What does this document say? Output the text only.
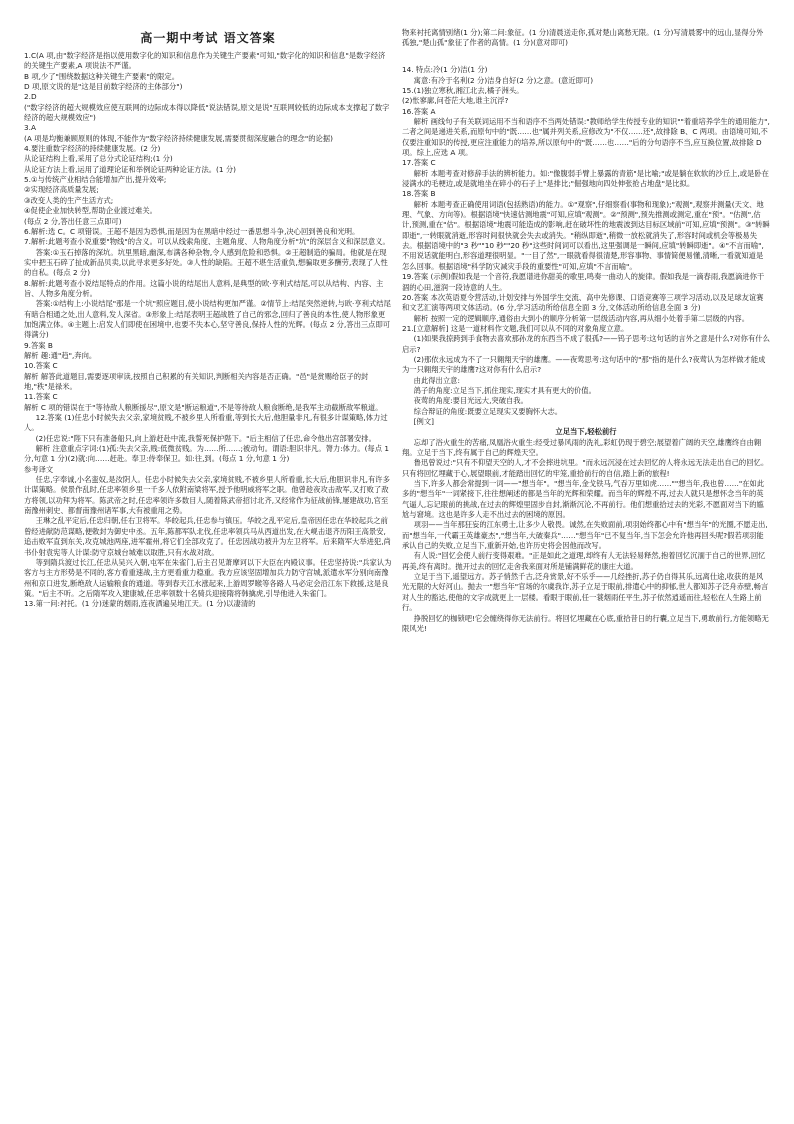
高一期中考试 语文答案

1.C(A 项,由"数字经济是指以使用数字化的知识和信息作为关键生产要素"可知,"数字化的知识和信息"是数字经济的关键生产要素,A 项说法不严谨。

B 项,少了"围绕数据这种关键生产要素"的限定。

D 项,原文说的是"这是目前数字经济的主体部分")

2.D

("数字经济的超大规模效应使互联网的边际成本得以降低"说法错误,原文是说"互联网较低的边际成本支撑起了数字经济的超大规模效应")

3.A

(A 项是均衡兼顾原则的体现,不能作为"数字经济持续健康发展,需要贯彻深度融合的理念"的论据)

4.要注重数字经济的持续健康发展。(2 分)

从论证结构上看,采用了总分式论证结构;(1 分)

从论证方法上看,运用了道理论证和举例论证两种论证方法。(1 分)

5.①与传统产业相结合能增加产出,提升效率;

②实现经济高质量发展;

③改变人类的生产生活方式;

④促使企业加快转型,帮助企业渡过难关。

(每点 2 分,答出任意三点即可)

6.解析:选 C。C 项错误。王超不是因为恐惧,而是因为在黑暗中经过一番思想斗争,决心回到善良和光明。

7.解析:此题考查小说重要"物线"的含义。可以从线索角度、主题角度、人物角度分析"坑"的深层含义和深层意义。

答案:①玉石掉落的深坑。坑里黑暗,幽深,布满各种杂物,令人感到危险和恐惧。②王超制造的骗局。他就是在现实中把玉石碎了扯成新品贝卖,以此寻求更多好处。③人性的缺陷。王超不堪生活重负,想骗取更多酬劳,表现了人性的自私。(每点 2 分)

8.解析:此题考查小说结尾特点的作用。这篇小说的结尾出人意料,是典型的欧·亨利式结尾,可以从结构、内容、主旨、人物多角度分析。

答案:①结构上:小说结尾"那是一个坑"照应题目,使小说结构更加严谨。②情节上:结尾突然逆转,与欧·亨利式结尾有暗合相通之处,出人意料,发人深省。③形象上:结尾表明王超战胜了自己的邪念,回归了善良的本性,使人物形象更加饱满立体。④主题上:启发人们即使在困境中,也要不失本心,坚守善良,保持人性的光辉。(每点 2 分,答出三点即可得满分)

9.答案 B

解析 趣:通"趋",奔向。

10.答案 C

解析 解答此道题目,需要逐项审读,按照自己积累的有关知识,判断相关内容是否正确。"邑"是赏赐给臣子的封地,"秩"是禄米。

11.答案 C

解析 C 项的错误在于"等待敌人粮断援尽",原文是"断运粮道",不是等待敌人粮食断绝,是我军主动截断敌军粮道。

12.答案 (1)任忠小时候失去父亲,家境贫贱,不被乡里人所看重,等到长大后,他胆量非凡,有很多计谋策略,体力过人。

(2)任忠说:"陛下只有准备船只,向上游赶赴中流,我誓死保护陛下。"后主相信了任忠,命令他出宫部署安排。

解析 注意重点字词:(1)孤:失去父亲,贱:低微贫贱。为……所……;被动句。谓语:胆识非凡。膂力:体力。(每点 1 分,句意 1 分)(2)就:向……赶赴。奉卫:侍奉保卫。如:往,到。(每点 1 分,句意 1 分)

参考译文

任忠,字奉诚,小名蛮奴,是汝阴人。任忠小时候失去父亲,家境贫贱,不被乡里人所看重,长大后,他胆识非凡,有许多计谋策略。侯景作乱时,任忠率领乡里一千多人依附南梁将军,授予他明威将军之职。他曾趁夜攻击敌军,又打败了敌方将领,以功拜为将军。陈武帝之时,任忠率领许多数目人,随着陈武帝招讨北齐,又经常作为征战前锋,屡建战功,官至南豫州刺史、都督南豫州诸军事,大有被重用之势。

王琳之乱平定后,任忠归朝,任右卫将军。华皎起兵,任忠参与镇压。华皎之乱平定后,皇帝因任忠在华皎起兵之前曾经进献防范谋略,便敕封为御史中丞。五年,陈都军队北伐,任忠率领兵马从西道出发,在大岘击退齐历阳王高景安,追击败军直到东关,攻克城池两座,进军霍州,将它们全部攻克了。任忠因战功被升为左卫将军。后来隋军大举进犯,尚书仆射袁宪等人计谋:防守京城台城难以取胜,只有水战对敌。

等到隋兵渡过长江,任忠从吴兴入朝,屯军在朱雀门,后主召见萧摩诃以下大臣在内殿议事。任忠坚持说:"兵家认为客方与主方形势是不同的,客方看重速战,主方更看重力稳重。我方应该坚固增加兵力防守宫城,派遣水军分别向南豫州和京口进发,断绝敌人运输粮食的通道。等到春天江水涨起来,上游周罗睺等各路人马必定会沿江东下救援,这是良策。"后主不听。之后隋军攻入建康城,任忠率领数十名骑兵迎接隋将韩擒虎,引导他进入朱雀门。

13.第一问:衬托。(1 分)迷蒙的烟雨,连夜洒遍吴地江天。(1 分)以凄清的

物来衬托离情别绪(1 分);第二问:象征。(1 分)清晨送走你,孤对楚山离愁无限。(1 分)写清晨雾中的远山,显得分外孤独,"楚山孤"象征了作者的高情。(1 分)(意对即可)

14. 特点:冷(1 分)洁(1 分)

寓意:有冷于名利(2 分)洁身自好(2 分)之意。(意近即可)

15.(1)独立寒秋,湘江北去,橘子洲头。

(2)怅寥廓,问苍茫大地,谁主沉浮?

16.答案 A

解析 画线句子有关联词运用不当和语序不当两处错误:"教师给学生传授专业的知识""着重培养学生的通用能力",二者之间是递进关系,而原句中的"既……也"属并列关系,应修改为"不仅……还",故排除 B、C 两项。由语境可知,不仅要注重知识的传授,更应注重能力的培养,所以原句中的"既……也……"后的分句语序不当,应互换位置,故排除 D 项。综上,应选 A 项。

17.答案 C

解析 本题考查对修辞手法的辨析能力。如:"像腹弱手臂上暴露的青筋"是比喻;"或是躺在软软的沙丘上,或是卧在浸满水的毛梗边,或是就地坐在碎小的石子上"是排比;"倔强地向四处伸张抢占地盘"是比拟。

18.答案 B

解析 本题考查正确使用词语(包括熟语)的能力。①"观察",仔细察看(事物和现象);"观测",观察并测量(天文、地理、气象、方向等)。根据语境"快速估测地震"可知,应填"观测"。②"预测",预先推测或测定,重在"预"。"估测",估计,预测,重在"估"。根据语境"地震可能造成的影响,赶在破坏性的地震波到达目标区域前"可知,应填"预测"。③"转瞬即逝",一转眼就消逝,形容时间很快就会失去或消失。"稍纵即逝",稍微一放松就消失了,形容时间或机会等极易失去。根据语境中的"3 秒""10 秒""20 秒"这些时间词可以看出,这里强调是一瞬间,应填"转瞬即逝"。④"不言而喻",不用说话就能明白,形容道理很明显。"一目了然",一眼就看得很清楚,形容事物、事情简便易懂,清晰,一看就知道是怎么回事。根据语境"科学防灾减灾手段的重要性"可知,应填"不言而喻"。

19.答案 (示例)假如我是一个音符,我愿谱进你甜美的歌里,鸣奏一曲动人的旋律。假如我是一滴春雨,我愿滴进你干涸的心田,滋润一段诗意的人生。

20.答案 本次英语夏令营活动,计划安排与外国学生交流、高中先修课、口语竞赛等三项学习活动,以及足球友谊赛和文艺汇演等两项文体活动。(6 分,学习活动所给信息全面 3 分,文体活动所给信息全面 3 分)

解析 按照一定的逻辑顺序,通俗由大到小的顺序分析第一层级活动内容,再从细小处着手第二层级的内容。

21.[立意解析] 这是一道材料作文题,我们可以从不同的对象角度立意。

(1)如果我掠跨到手食物去喜欢那孙龙的东西当不成了很孤?——钨子思考:这句话的言外之意是什么?对你有什么启示?

(2)那依永远成为不了一只翱翔天宇的雄鹰。——夜莺思考:这句话中的"那"指的是什么?夜莺认为怎样做才能成为一只翱翔天宇的雄鹰?这对你有什么启示?

由此得出立意:

鸽子的角度:立足当下,抓住现实,现实才具有更大的价值。

夜莺的角度:要目光远大,突破自我。

综合辩证的角度:既要立足现实又要胸怀大志。

[例文]

立足当下,轻松前行

忘却了浴火重生的苦痛,凤凰浴火重生:经受过暴风雨的洗礼,彩虹仍现于碧空;展望着广阔的天空,雄鹰终自由翱翔。立足于当下,终有属于自己的辉煌天空。

鲁迅曾说过:"只有不仰望天空的人,才不会摔进坑里。"而永远沉浸在过去回忆的人将永远无法走出自己的回忆。只有将回忆埋藏于心,展望眼前,才能踏出回忆的牢笼,重拾前行的自信,踏上新的旅程!

当下,许多人都会常提到一词——"想当年"。"想当年,金戈铁马,气吞万里如虎……""想当年,我也曾……"在如此多的"想当年"一词紧接下,往往想阐述的都是当年的光辉和荣耀。而当年的辉煌不再,过去人就只是想怀念当年的英气逼人,忘记眼前的挑战,在过去的辉煌里固步自封,渐渐沉沦,不再前行。他们想重拾过去的光彩,不愿面对当下的尴尬与窘境。这也是许多人走不出过去的困境的原因。

项羽——当年那狂妄的江东勇士,让多少人敬畏。诚然,在失败面前,项羽始终都心中有"想当年"的光圈,不愿走出,而"想当年,一代霸王英雄豪杰","想当年,大破秦兵"……"想当年"已不复当年,当下怎会允许他再回头呢?假若项羽能承认自己的失败,立足当下,重新开始,也许历史将会因他而改写。

有人说:"回忆会使人前行变得艰难。"正是如此之道理,却终有人无法轻易释然,抱着回忆沉湎于自己的世界,回忆再美,终有离时。抛开过去的回忆走舍我来面对所是铺满鲜花的康庄大道。

立足于当下,遥望远方。苏子悄然千古,泛舟赏景,好不乐乎——几经挫折,苏子仍自得其乐,远离仕途,收获的是风光无限的大好河山。抛去一"想当年"官场的尔虞我诈,苏子立足于眼前,排遣心中的抑郁,世人都知苏子泛舟赤壁,畅言对人生的豁达,使他的文字成就更上一层楼。看眼于眼前,任一蓑烟雨任平生,苏子依然逍遥而往,轻松在人生路上前行。

挣脱回忆的枷锁吧!它会缠绕得你无法前行。将回忆埋藏在心底,重拾昔日的行囊,立足当下,勇敢前行,方能领略无限风光!
